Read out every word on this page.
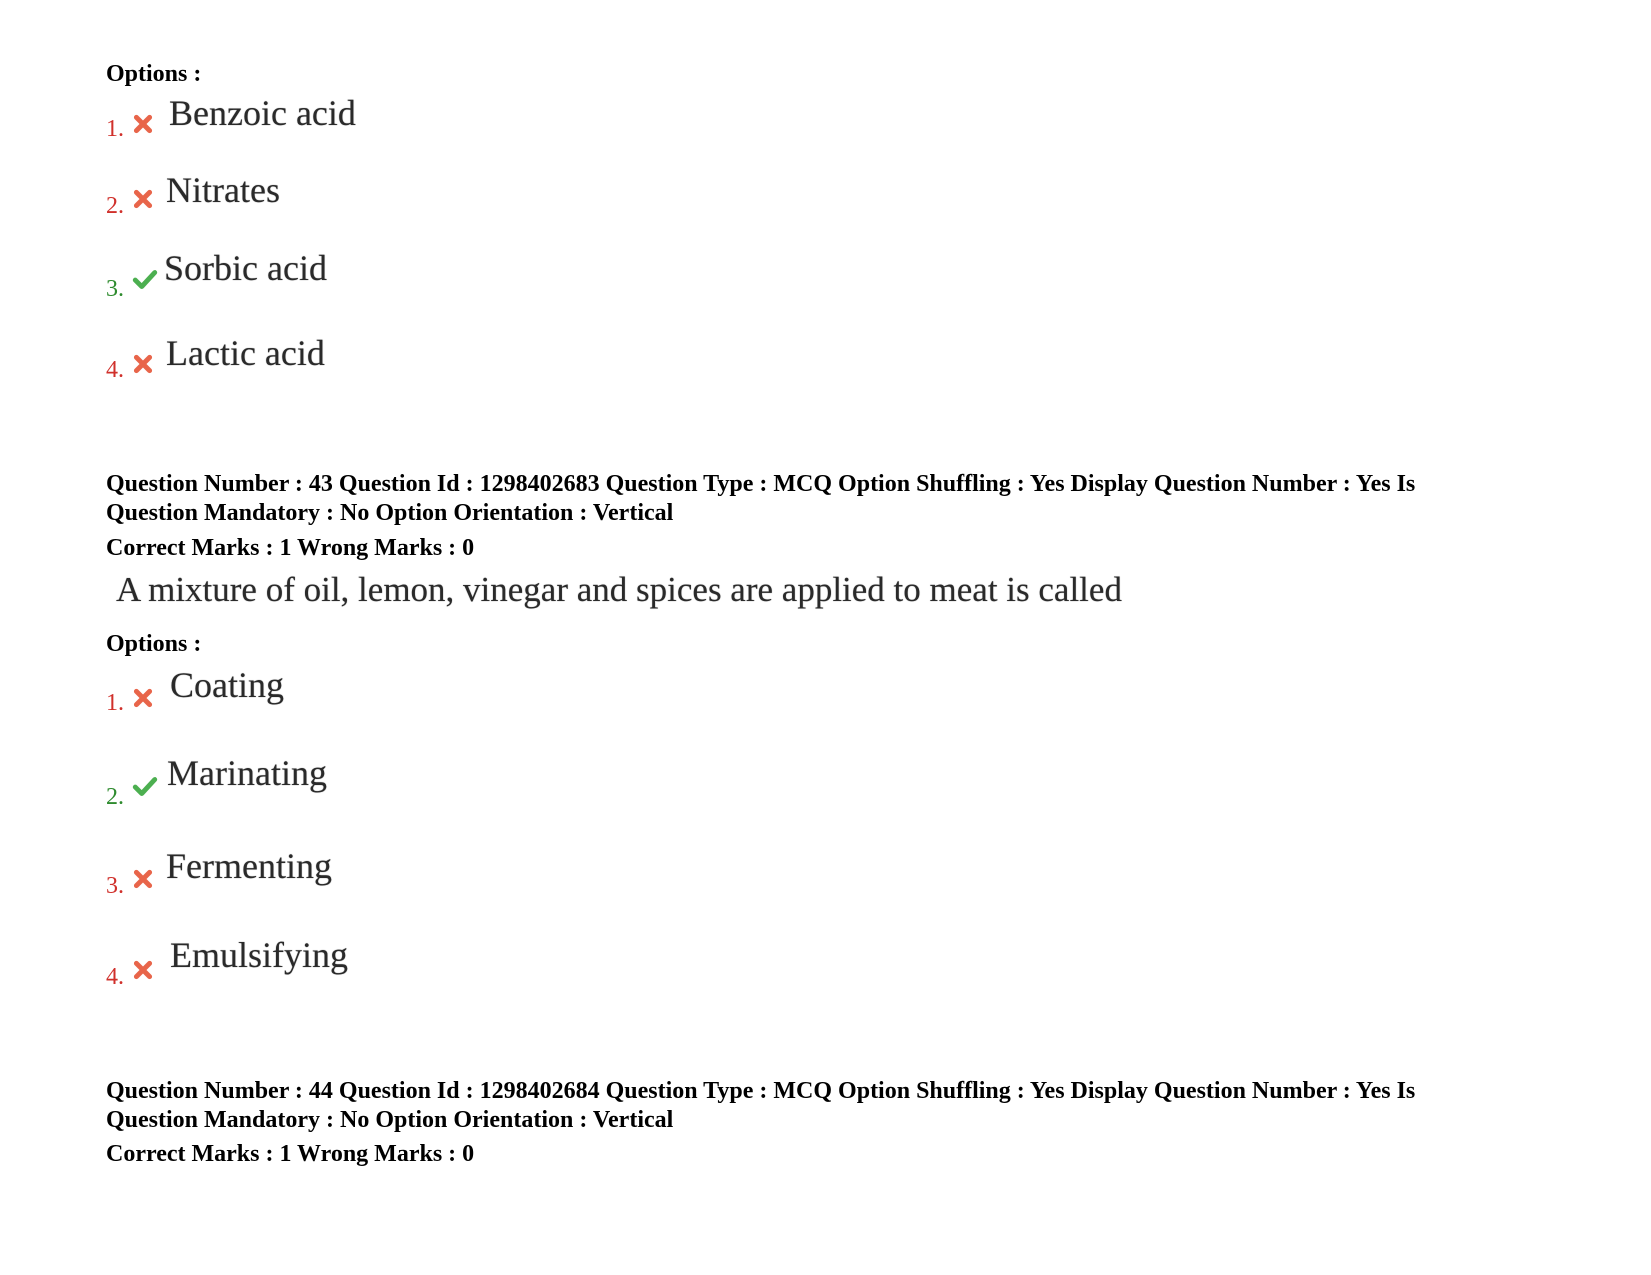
Options :
1. Benzoic acid
2. Nitrates
3.
Sorbic acid
4. Lactic acid
Question Number : 43 Question Id : 1298402683 Question Type : MCQ Option Shuffling : Yes Display Question Number : Yes Is
Question Mandatory : No Option Orientation : Vertical
Correct Marks : 1 Wrong Marks : 0
A mixture of oil, lemon, vinegar and spices are applied to meat is called
Options :
1. Coating
2.
Marinating
3. Fermenting
4.
Emulsifying
Question Number : 44 Question Id : 1298402684 Question Type : MCQ Option Shuffling : Yes Display Question Number : Yes Is
Question Mandatory : No Option Orientation : Vertical
Correct Marks : 1 Wrong Marks : 0
